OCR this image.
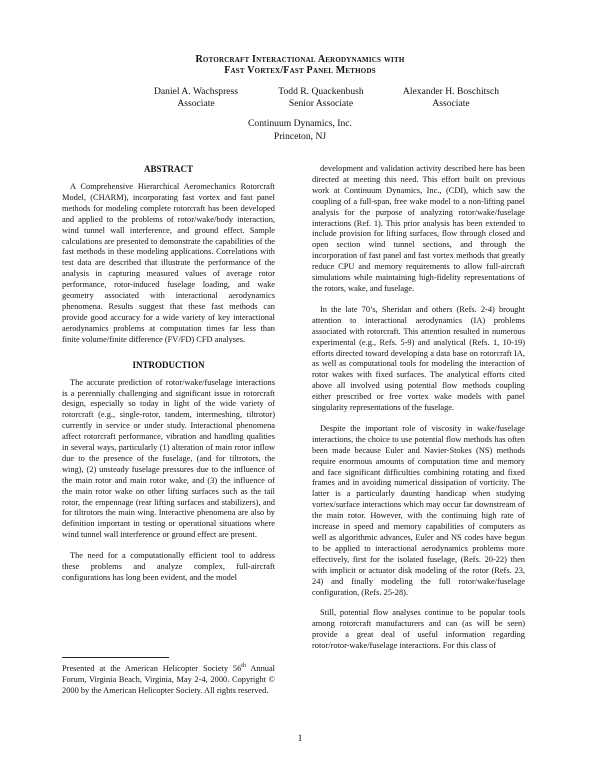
Rotorcraft Interactional Aerodynamics with
Fast Vortex/Fast Panel Methods
Daniel A. Wachspress
Associate
Todd R. Quackenbush
Senior Associate
Alexander H. Boschitsch
Associate
Continuum Dynamics, Inc.
Princeton, NJ
ABSTRACT

A Comprehensive Hierarchical Aeromechanics Rotorcraft Model, (CHARM), incorporating fast vortex and fast panel methods for modeling complete rotorcraft has been developed and applied to the problems of rotor/wake/body interaction, wind tunnel wall interference, and ground effect. Sample calculations are presented to demonstrate the capabilities of the fast methods in these modeling applications. Correlations with test data are described that illustrate the performance of the analysis in capturing measured values of average rotor performance, rotor-induced fuselage loading, and wake geometry associated with interactional aerodynamics phenomena. Results suggest that these fast methods can provide good accuracy for a wide variety of key interactional aerodynamics problems at computation times far less than finite volume/finite difference (FV/FD) CFD analyses.

INTRODUCTION

The accurate prediction of rotor/wake/fuselage interactions is a perennially challenging and significant issue in rotorcraft design, especially so today in light of the wide variety of rotorcraft (e.g., single-rotor, tandem, intermeshing, tiltrotor) currently in service or under study. Interactional phenomena affect rotorcraft performance, vibration and handling qualities in several ways, particularly (1) alteration of main rotor inflow due to the presence of the fuselage, (and for tiltrotors, the wing), (2) unsteady fuselage pressures due to the influence of the main rotor and main rotor wake, and (3) the influence of the main rotor wake on other lifting surfaces such as the tail rotor, the empennage (rear lifting surfaces and stabilizers), and for tiltrotors the main wing. Interactive phenomena are also by definition important in testing or operational situations where wind tunnel wall interference or ground effect are present.

The need for a computationally efficient tool to address these problems and analyze complex, full-aircraft configurations has long been evident, and the model

development and validation activity described here has been directed at meeting this need. This effort built on previous work at Continuum Dynamics, Inc., (CDI), which saw the coupling of a full-span, free wake model to a non-lifting panel analysis for the purpose of analyzing rotor/wake/fuselage interactions (Ref. 1). This prior analysis has been extended to include provision for lifting surfaces, flow through closed and open section wind tunnel sections, and through the incorporation of fast panel and fast vortex methods that greatly reduce CPU and memory requirements to allow full-aircraft simulations while maintaining high-fidelity representations of the rotors, wake, and fuselage.

In the late 70’s, Sheridan and others (Refs. 2-4) brought attention to interactional aerodynamics (IA) problems associated with rotorcraft. This attention resulted in numerous experimental (e.g., Refs. 5-9) and analytical (Refs. 1, 10-19) efforts directed toward developing a data base on rotorcraft IA, as well as computational tools for modeling the interaction of rotor wakes with fixed surfaces. The analytical efforts cited above all involved using potential flow methods coupling either prescribed or free vortex wake models with panel singularity representations of the fuselage.

Despite the important role of viscosity in wake/fuselage interactions, the choice to use potential flow methods has often been made because Euler and Navier-Stokes (NS) methods require enormous amounts of computation time and memory and face significant difficulties combining rotating and fixed frames and in avoiding numerical dissipation of vorticity. The latter is a particularly daunting handicap when studying vortex/surface interactions which may occur far downstream of the main rotor. However, with the continuing high rate of increase in speed and memory capabilities of computers as well as algorithmic advances, Euler and NS codes have begun to be applied to interactional aerodynamics problems more effectively, first for the isolated fuselage, (Refs. 20-22) then with implicit or actuator disk modeling of the rotor (Refs. 23, 24) and finally modeling the full rotor/wake/fuselage configuration, (Refs. 25-28).

Still, potential flow analyses continue to be popular tools among rotorcraft manufacturers and can (as will be seen) provide a great deal of useful information regarding rotor/rotor-wake/fuselage interactions. For this class of

Presented at the American Helicopter Society 56th Annual Forum, Virginia Beach, Virginia, May 2-4, 2000. Copyright © 2000 by the American Helicopter Society. All rights reserved.
1
